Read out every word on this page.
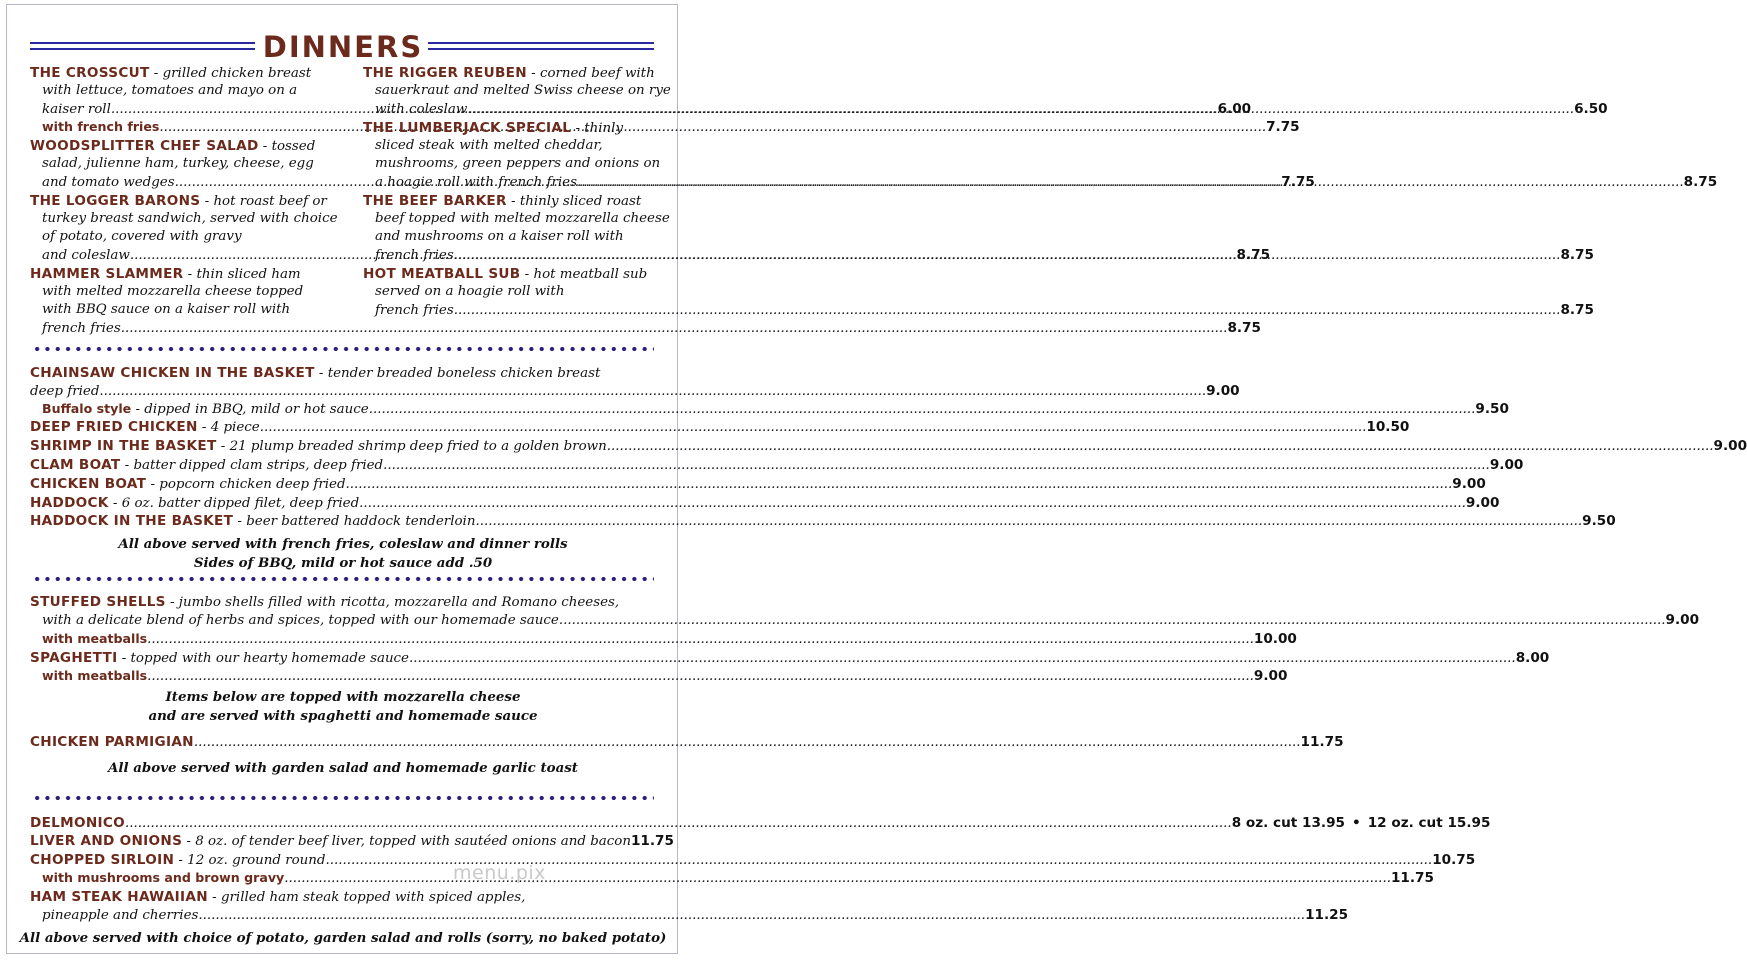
DINNERS
THE CROSSCUT - grilled chicken breast
with lettuce, tomatoes and mayo on a
kaiser roll .....	6.00
with french fries .....	7.75
WOODSPLITTER CHEF SALAD - tossed
salad, julienne ham, turkey, cheese, egg
and tomato wedges .....	7.75
THE LOGGER BARONS - hot roast beef or
turkey breast sandwich, served with choice
of potato, covered with gravy
and coleslaw .....	8.75
HAMMER SLAMMER - thin sliced ham
with melted mozzarella cheese topped
with BBQ sauce on a kaiser roll with
french fries .....	8.75
THE RIGGER REUBEN - corned beef with
sauerkraut and melted Swiss cheese on rye
with coleslaw .....	6.50
THE LUMBERJACK SPECIAL - thinly
sliced steak with melted cheddar,
mushrooms, green peppers and onions on
a hoagie roll with french fries .....	8.75
THE BEEF BARKER - thinly sliced roast
beef topped with melted mozzarella cheese
and mushrooms on a kaiser roll with
french fries .....	8.75
HOT MEATBALL SUB - hot meatball sub
served on a hoagie roll with
french fries .....	8.75
CHAINSAW CHICKEN IN THE BASKET - tender breaded boneless chicken breast
deep fried .....	9.00
Buffalo style - dipped in BBQ, mild or hot sauce .....	9.50
DEEP FRIED CHICKEN - 4 piece .....	10.50
SHRIMP IN THE BASKET - 21 plump breaded shrimp deep fried to a golden brown .....	9.00
CLAM BOAT - batter dipped clam strips, deep fried .....	9.00
CHICKEN BOAT - popcorn chicken deep fried .....	9.00
HADDOCK - 6 oz. batter dipped filet, deep fried .....	9.00
HADDOCK IN THE BASKET - beer battered haddock tenderloin .....	9.50
All above served with french fries, coleslaw and dinner rolls
Sides of BBQ, mild or hot sauce add .50
STUFFED SHELLS - jumbo shells filled with ricotta, mozzarella and Romano cheeses,
with a delicate blend of herbs and spices, topped with our homemade sauce .....	9.00
with meatballs .....	10.00
SPAGHETTI - topped with our hearty homemade sauce .....	8.00
with meatballs .....	9.00
Items below are topped with mozzarella cheese
and are served with spaghetti and homemade sauce
CHICKEN PARMIGIAN .....	11.75
All above served with garden salad and homemade garlic toast
DELMONICO .....	8 oz. cut 13.95 • 12 oz. cut 15.95
LIVER AND ONIONS - 8 oz. of tender beef liver, topped with sautéed onions and bacon 11.75
CHOPPED SIRLOIN - 12 oz. ground round .....	10.75
with mushrooms and brown gravy .....	11.75
HAM STEAK HAWAIIAN - grilled ham steak topped with spiced apples,
pineapple and cherries .....	11.25
All above served with choice of potato, garden salad and rolls (sorry, no baked potato)
menu.pix
